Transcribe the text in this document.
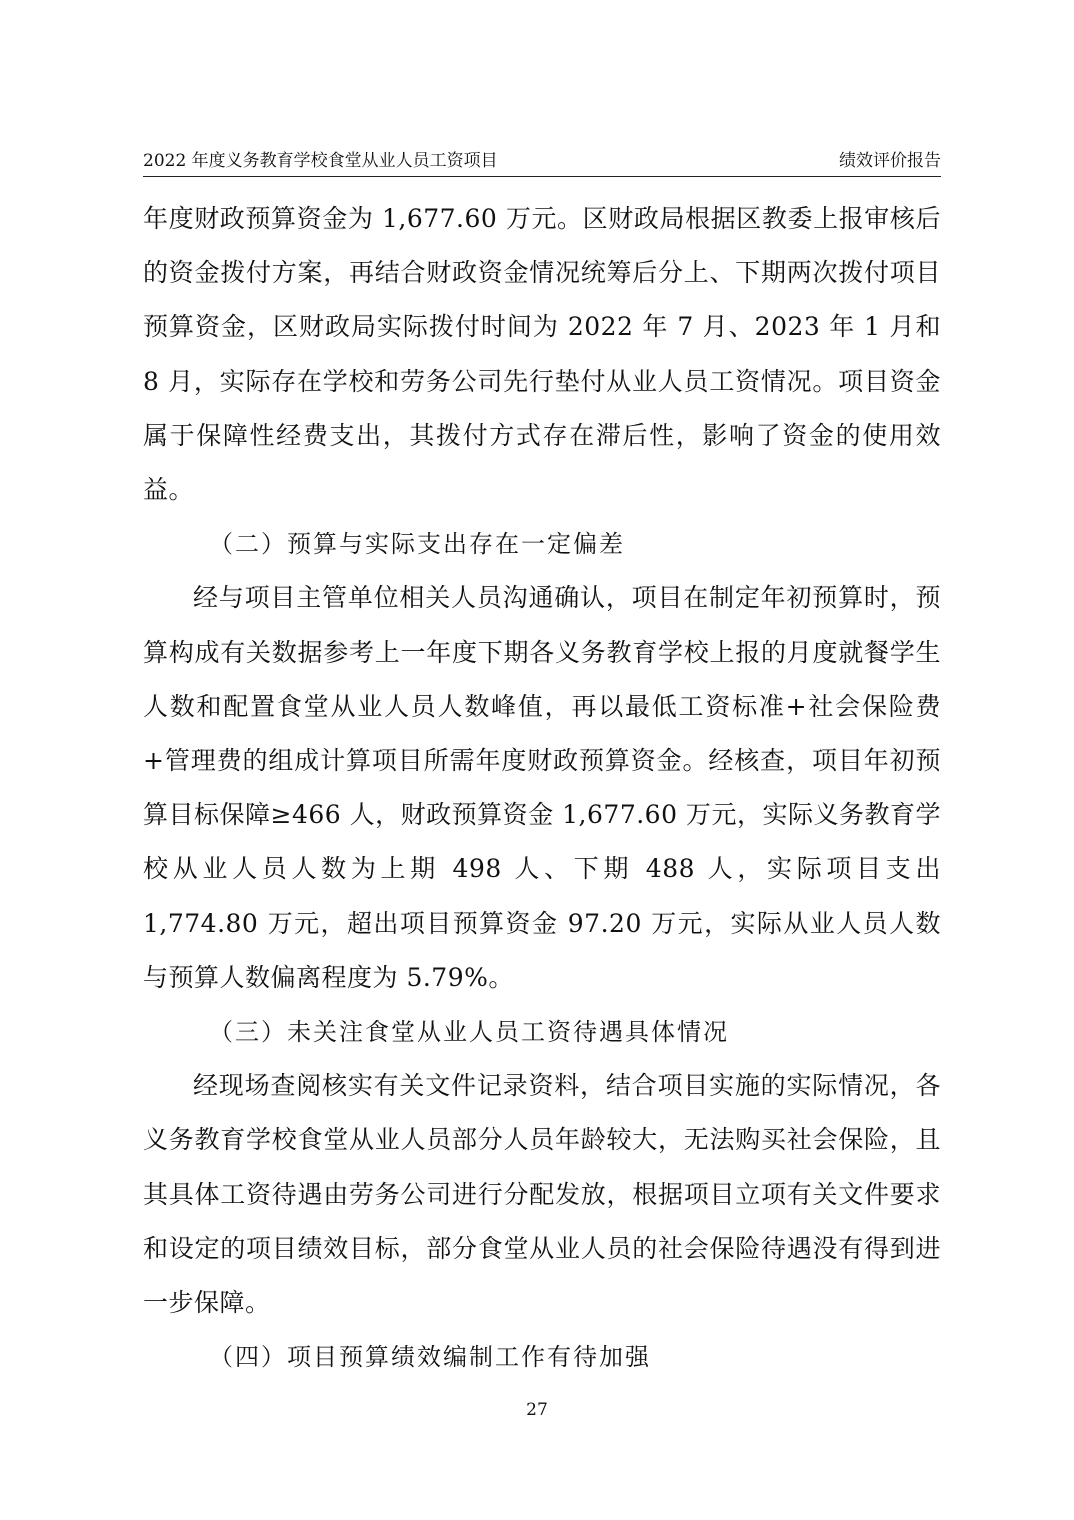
2022 年度义务教育学校食堂从业人员工资项目	绩效评价报告

年度财政预算资金为 1,677.60 万元。区财政局根据区教委上报审核后的资金拨付方案，再结合财政资金情况统筹后分上、下期两次拨付项目预算资金，区财政局实际拨付时间为 2022 年 7 月、2023 年 1 月和 8 月，实际存在学校和劳务公司先行垫付从业人员工资情况。项目资金属于保障性经费支出，其拨付方式存在滞后性，影响了资金的使用效益。

（二）预算与实际支出存在一定偏差

经与项目主管单位相关人员沟通确认，项目在制定年初预算时，预算构成有关数据参考上一年度下期各义务教育学校上报的月度就餐学生人数和配置食堂从业人员人数峰值，再以最低工资标准+社会保险费+管理费的组成计算项目所需年度财政预算资金。经核查，项目年初预算目标保障≥466 人，财政预算资金 1,677.60 万元，实际义务教育学校从业人员人数为上期 498 人、下期 488 人，实际项目支出 1,774.80 万元，超出项目预算资金 97.20 万元，实际从业人员人数与预算人数偏离程度为 5.79%。

（三）未关注食堂从业人员工资待遇具体情况

经现场查阅核实有关文件记录资料，结合项目实施的实际情况，各义务教育学校食堂从业人员部分人员年龄较大，无法购买社会保险，且其具体工资待遇由劳务公司进行分配发放，根据项目立项有关文件要求和设定的项目绩效目标，部分食堂从业人员的社会保险待遇没有得到进一步保障。

（四）项目预算绩效编制工作有待加强

27
